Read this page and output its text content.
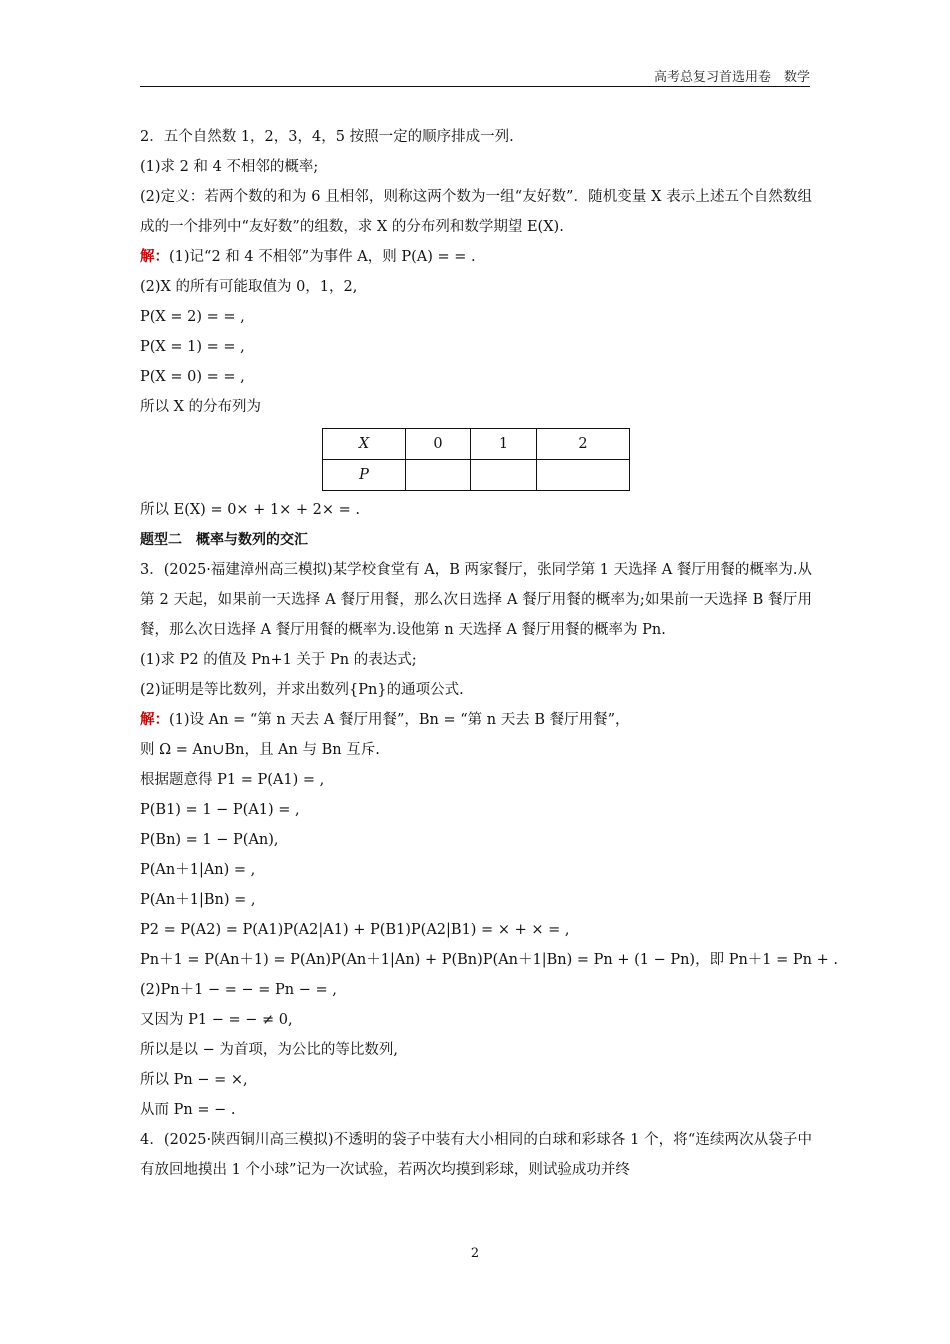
高考总复习首选用卷　数学

2．五个自然数 1，2，3，4，5 按照一定的顺序排成一列.

(1)求 2 和 4 不相邻的概率;

(2)定义：若两个数的和为 6 且相邻，则称这两个数为一组“友好数”．随机变量 X 表示上述五个自然数组成的一个排列中“友好数”的组数，求 X 的分布列和数学期望 E(X).

解：(1)记“2 和 4 不相邻”为事件 A，则 P(A) = = .

(2)X 的所有可能取值为 0，1，2,

P(X = 2) = = ,

P(X = 1) = = ,

P(X = 0) = = ,

所以 X 的分布列为

X	0	1	2
P			

所以 E(X) = 0× + 1× + 2× = .

题型二　概率与数列的交汇

3．(2025·福建漳州高三模拟)某学校食堂有 A，B 两家餐厅，张同学第 1 天选择 A 餐厅用餐的概率为.从第 2 天起，如果前一天选择 A 餐厅用餐，那么次日选择 A 餐厅用餐的概率为;如果前一天选择 B 餐厅用餐，那么次日选择 A 餐厅用餐的概率为.设他第 n 天选择 A 餐厅用餐的概率为 Pn.

(1)求 P2 的值及 Pn+1 关于 Pn 的表达式;

(2)证明是等比数列，并求出数列{Pn}的通项公式.

解：(1)设 An = “第 n 天去 A 餐厅用餐”，Bn = “第 n 天去 B 餐厅用餐”，

则 Ω = An∪Bn，且 An 与 Bn 互斥.

根据题意得 P1 = P(A1) = ,

P(B1) = 1 − P(A1) = ,

P(Bn) = 1 − P(An),

P(An＋1|An) = ,

P(An＋1|Bn) = ,

P2 = P(A2) = P(A1)P(A2|A1) + P(B1)P(A2|B1) = × + × = ,

Pn＋1 = P(An＋1) = P(An)P(An＋1|An) + P(Bn)P(An＋1|Bn) = Pn + (1 − Pn)，即 Pn＋1 = Pn + .

(2)Pn＋1 − = − = Pn − = ,

又因为 P1 − = − ≠ 0,

所以是以 − 为首项，为公比的等比数列,

所以 Pn − = ×,

从而 Pn = − .

4．(2025·陕西铜川高三模拟)不透明的袋子中装有大小相同的白球和彩球各 1 个，将“连续两次从袋子中有放回地摸出 1 个小球”记为一次试验，若两次均摸到彩球，则试验成功并终

2
